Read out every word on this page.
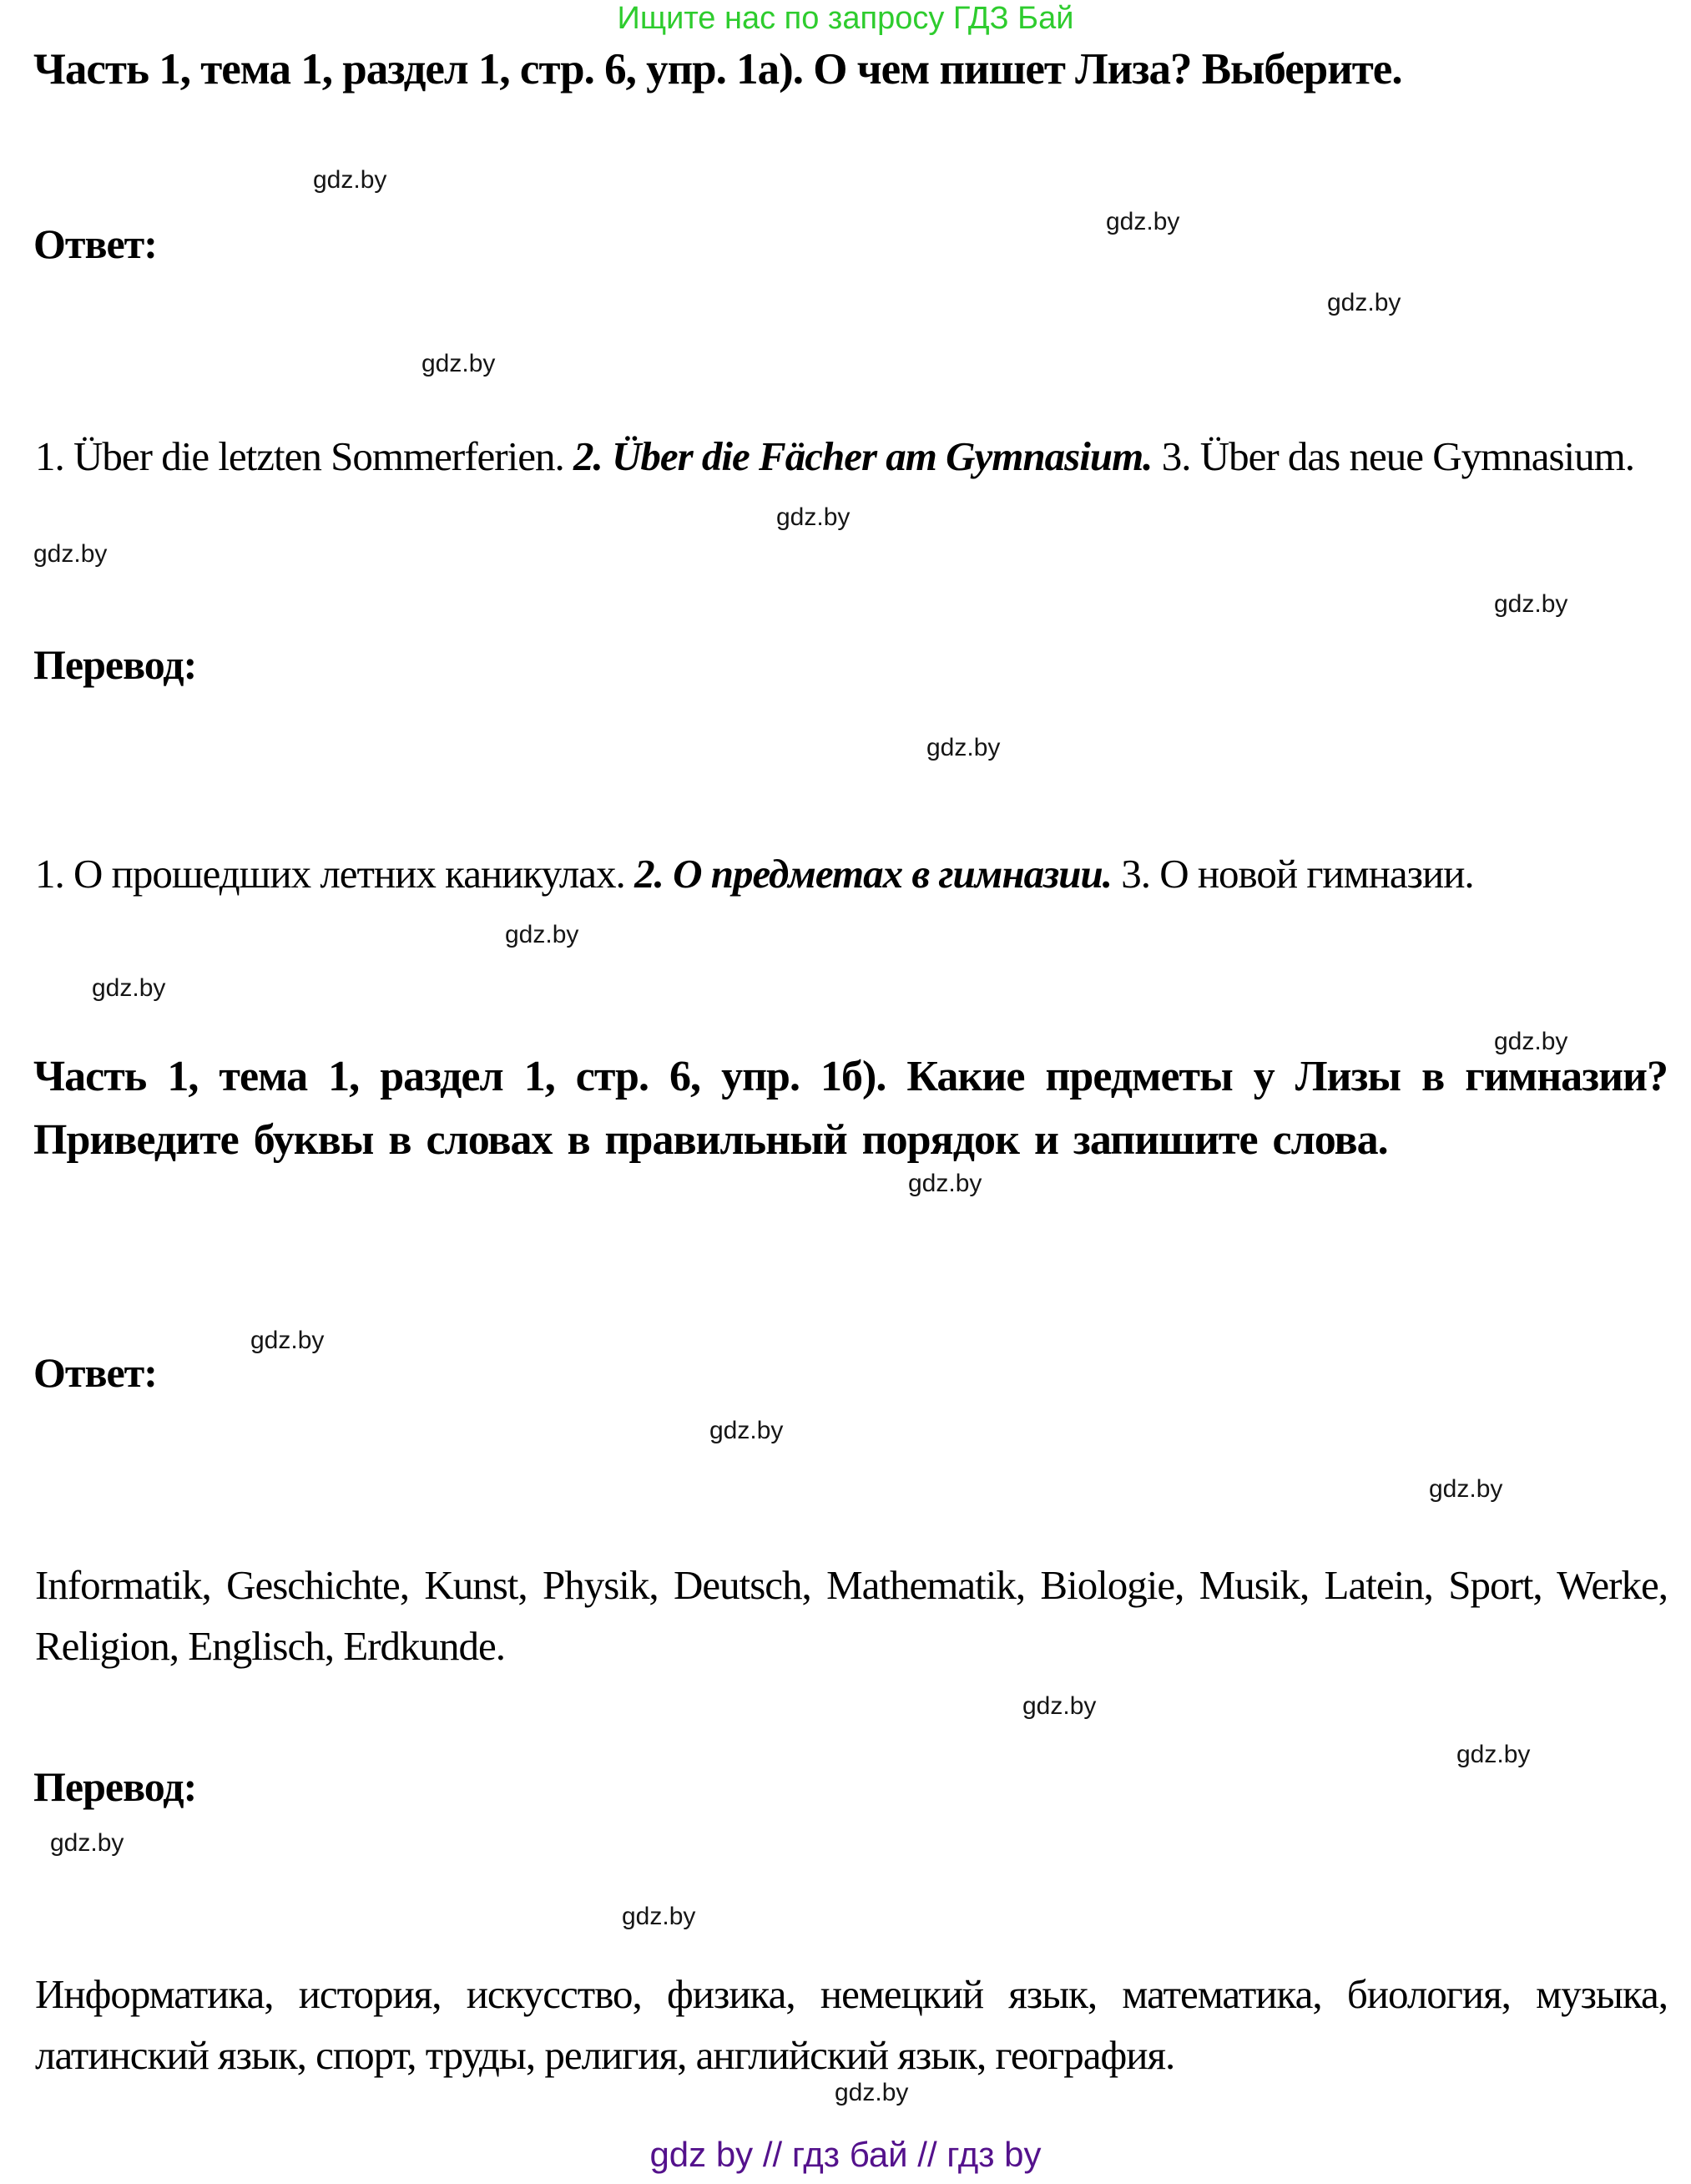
Ищите нас по запросу ГДЗ Бай
Часть 1, тема 1, раздел 1, стр. 6, упр. 1а). О чем пишет Лиза? Выберите.
Ответ:

1. Über die letzten Sommerferien. 2. Über die Fächer am Gymnasium. 3. Über das neue Gymnasium.

Перевод:

1. О прошедших летних каникулах. 2. О предметах в гимназии. 3. О новой гимназии.

Часть 1, тема 1, раздел 1, стр. 6, упр. 1б). Какие предметы у Лизы в гимназии? Приведите буквы в словах в правильный порядок и запишите слова.
Ответ:

Informatik, Geschichte, Kunst, Physik, Deutsch, Mathematik, Biologie, Musik, Latein, Sport, Werke, Religion, Englisch, Erdkunde.

Перевод:

Информатика, история, искусство, физика, немецкий язык, математика, биология, музыка, латинский язык, спорт, труды, религия, английский язык, география.

gdz.by
gdz.by
gdz.by
gdz.by
gdz.by
gdz.by
gdz.by
gdz.by
gdz.by
gdz.by
gdz.by
gdz.by
gdz.by
gdz.by
gdz.by
gdz.by
gdz.by
gdz.by
gdz.by
gdz.by
gdz by // гдз бай // гдз by
